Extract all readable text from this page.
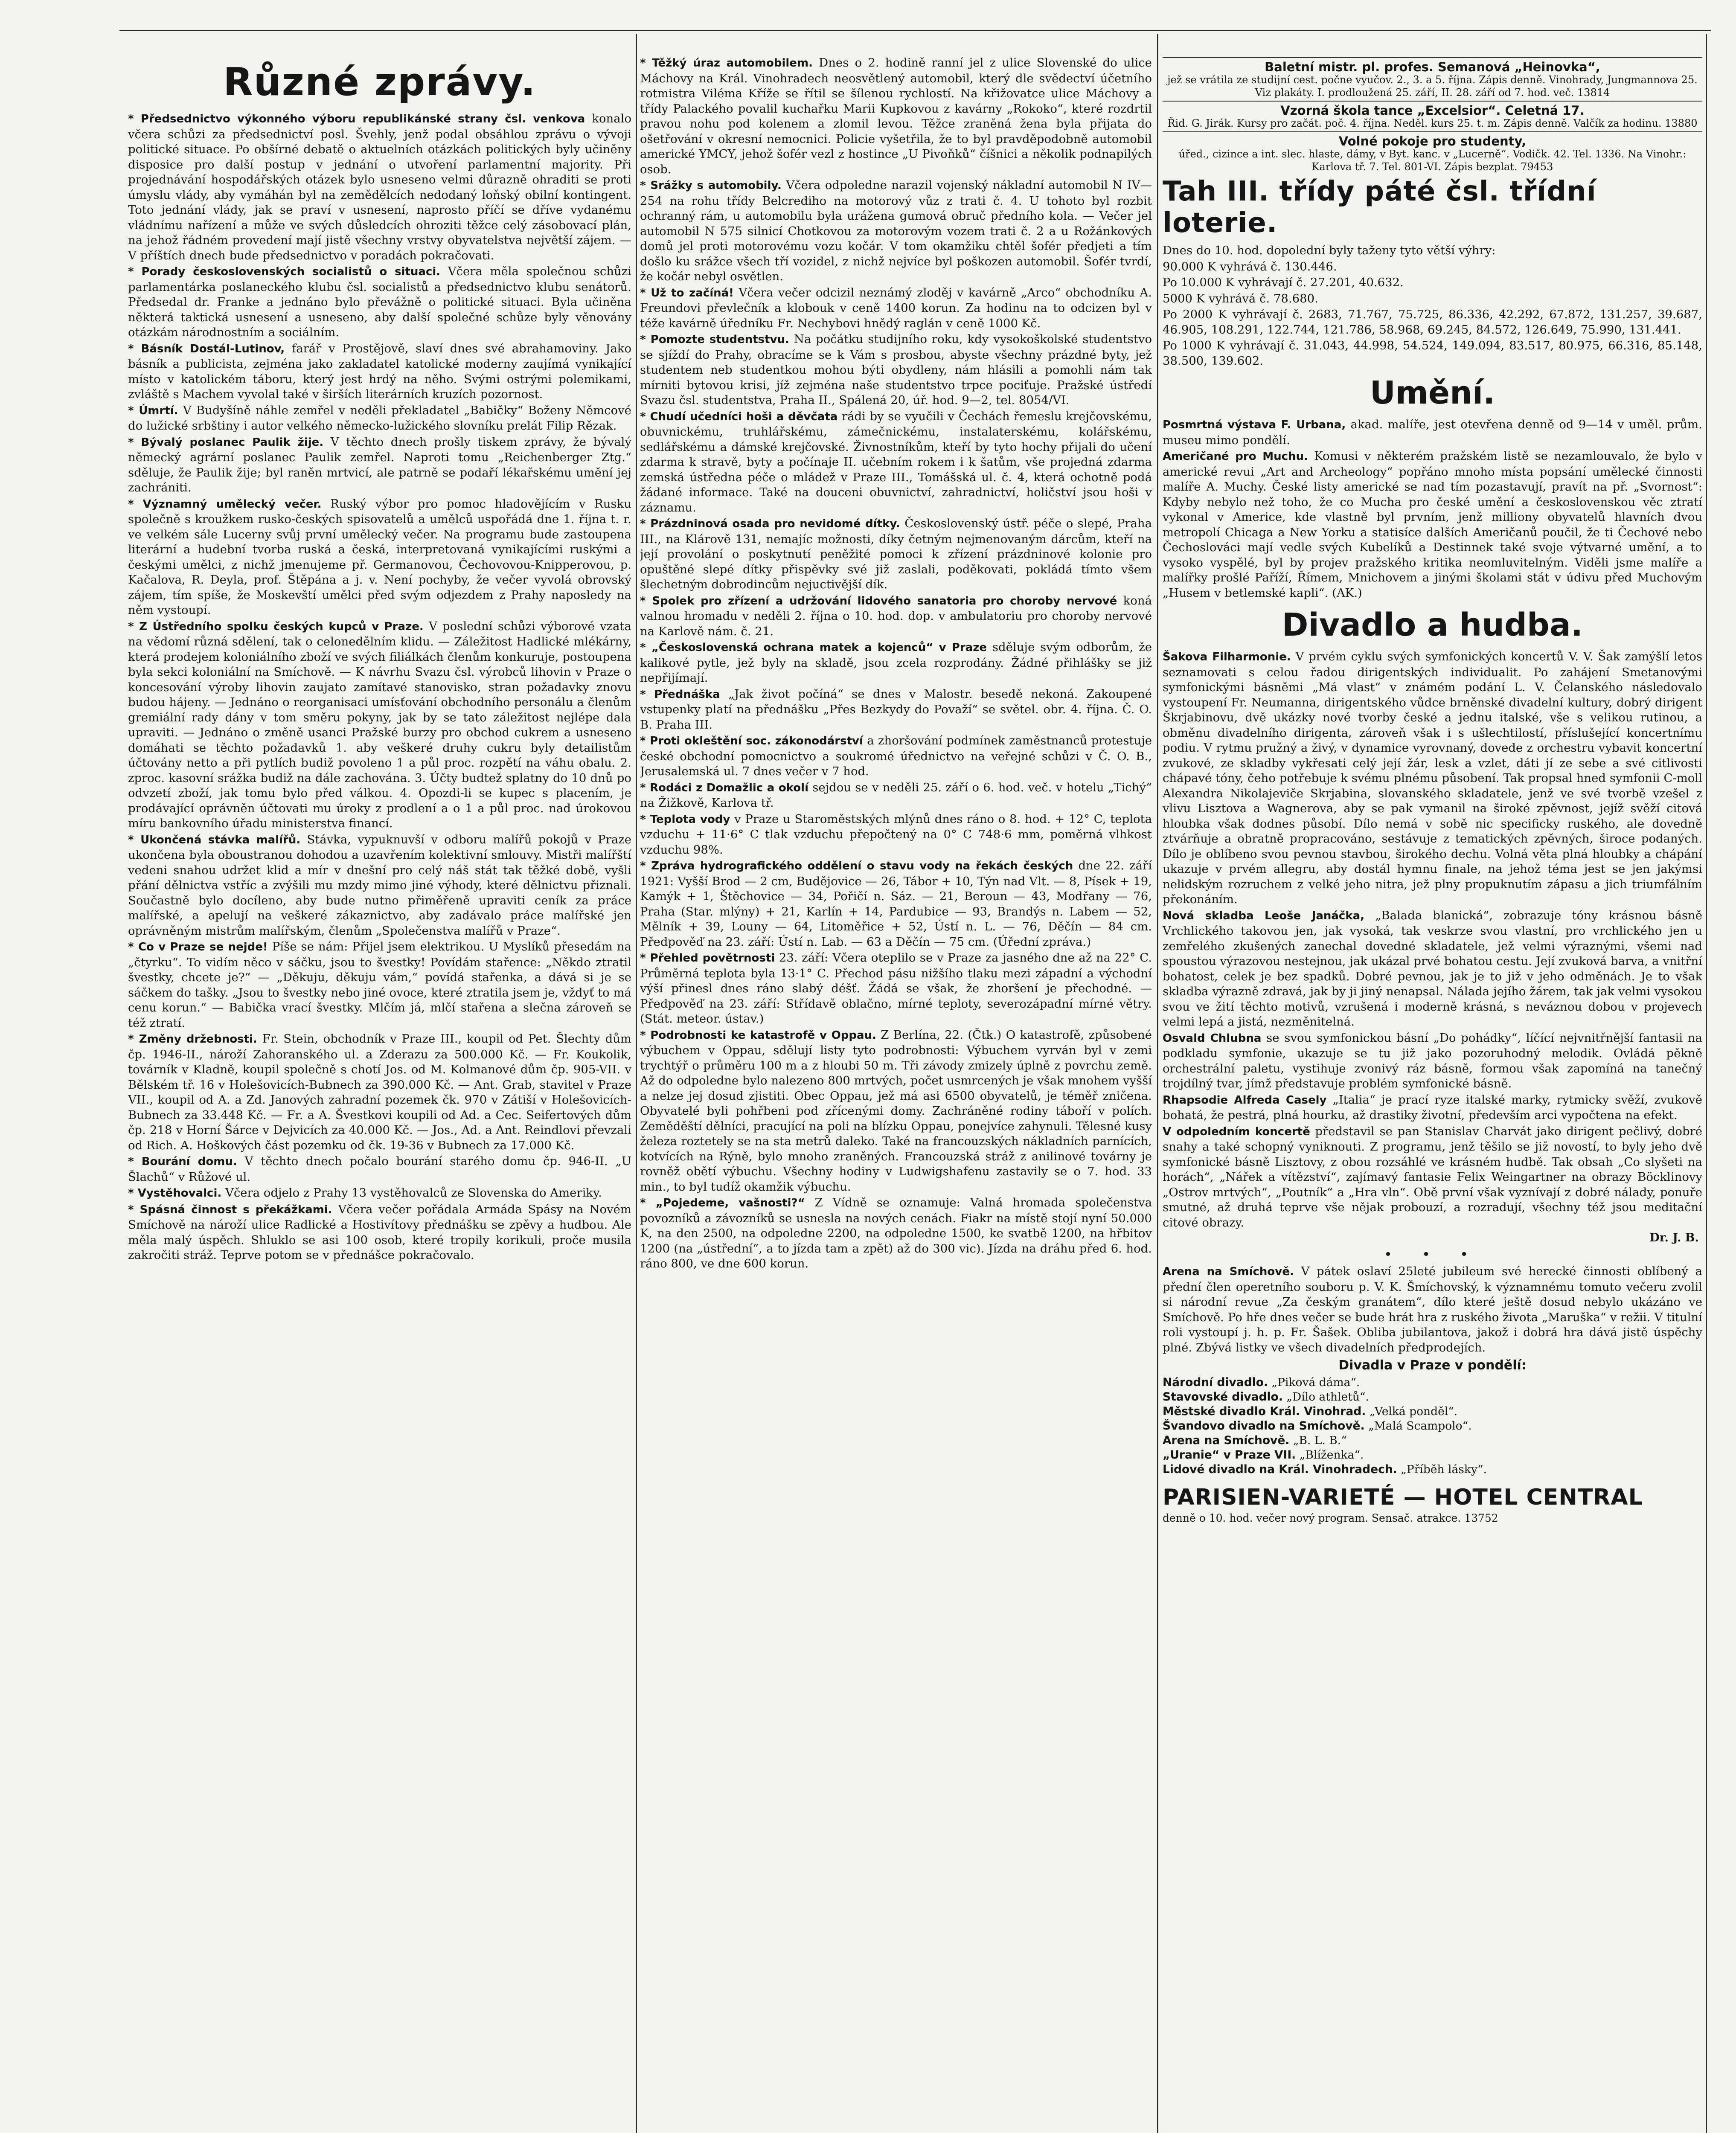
Různé zprávy.

* Předsednictvo výkonného výboru republikánské strany čsl. venkova konalo včera schůzi za předsednictví posl. Švehly, jenž podal obsáhlou zprávu o vývoji politické situace. Po obšírné debatě o aktuelních otázkách politických byly učiněny disposice pro další postup v jednání o utvoření parlamentní majority. Při projednávání hospodářských otázek bylo usneseno velmi důrazně ohraditi se proti úmyslu vlády, aby vymáhán byl na zemědělcích nedodaný loňský obilní kontingent. Toto jednání vlády, jak se praví v usnesení, naprosto příčí se dříve vydanému vládnímu nařízení a může ve svých důsledcích ohroziti těžce celý zásobovací plán, na jehož řádném provedení mají jistě všechny vrstvy obyvatelstva největší zájem. — V příštích dnech bude předsednictvo v poradách pokračovati.

* Porady československých socialistů o situaci. Včera měla společnou schůzi parlamentárka poslaneckého klubu čsl. socialistů a předsednictvo klubu senátorů. Předsedal dr. Franke a jednáno bylo převážně o politické situaci. Byla učiněna některá taktická usnesení a usneseno, aby další společné schůze byly věnovány otázkám národnostním a sociálním.

* Básník Dostál-Lutinov, farář v Prostějově, slaví dnes své abrahamoviny. Jako básník a publicista, zejména jako zakladatel katolické moderny zaujímá vynikající místo v katolickém táboru, který jest hrdý na něho. Svými ostrými polemikami, zvláště s Machem vyvolal také v širších literárních kruzích pozornost.

* Úmrtí. V Budyšíně náhle zemřel v neděli překladatel „Babičky“ Boženy Němcové do lužické srbštiny i autor velkého německo-lužického slovníku prelát Filip Rězak.

* Bývalý poslanec Paulik žije. V těchto dnech prošly tiskem zprávy, že bývalý německý agrární poslanec Paulik zemřel. Naproti tomu „Reichenberger Ztg.“ sděluje, že Paulik žije; byl raněn mrtvicí, ale patrně se podaří lékařskému umění jej zachrániti.

* Významný umělecký večer. Ruský výbor pro pomoc hladovějícím v Rusku společně s kroužkem rusko-českých spisovatelů a umělců uspořádá dne 1. října t. r. ve velkém sále Lucerny svůj první umělecký večer. Na programu bude zastoupena literární a hudební tvorba ruská a česká, interpretovaná vynikajícími ruskými a českými umělci, z nichž jmenujeme př. Germanovou, Čechovovou-Knipperovou, p. Kačalova, R. Deyla, prof. Štěpána a j. v. Není pochyby, že večer vyvolá obrovský zájem, tím spíše, že Moskevští umělci před svým odjezdem z Prahy naposledy na něm vystoupí.

* Z Ústředního spolku českých kupců v Praze. V poslední schůzi výborové vzata na vědomí různá sdělení, tak o celonedělním klidu. — Záležitost Hadlické mlékárny, která prodejem koloniálního zboží ve svých filiálkách členům konkuruje, postoupena byla sekci koloniální na Smíchově. — K návrhu Svazu čsl. výrobců lihovin v Praze o koncesování výroby lihovin zaujato zamítavé stanovisko, stran požadavky znovu budou hájeny. — Jednáno o reorganisaci umísťování obchodního personálu a členům gremiální rady dány v tom směru pokyny, jak by se tato záležitost nejlépe dala upraviti. — Jednáno o změně usanci Pražské burzy pro obchod cukrem a usneseno domáhati se těchto požadavků 1. aby veškeré druhy cukru byly detailistům účtovány netto a při pytlích budiž povoleno 1 a půl proc. rozpětí na váhu obalu. 2. zproc. kasovní srážka budiž na dále zachována. 3. Účty budtež splatny do 10 dnů po odvzetí zboží, jak tomu bylo před válkou. 4. Opozdi-li se kupec s placením, je prodávající oprávněn účtovati mu úroky z prodlení a o 1 a půl proc. nad úrokovou míru bankovního úřadu ministerstva financí.

* Ukončená stávka malířů. Stávka, vypuknuvší v odboru malířů pokojů v Praze ukončena byla oboustranou dohodou a uzavřením kolektivní smlouvy. Mistři malířští vedeni snahou udržet klid a mír v dnešní pro celý náš stát tak těžké době, vyšli přání dělnictva vstříc a zvýšili mu mzdy mimo jiné výhody, které dělnictvu přiznali. Součastně bylo docíleno, aby bude nutno přiměřeně upraviti ceník za práce malířské, a apelují na veškeré zákaznictvo, aby zadávalo práce malířské jen oprávněným mistrům malířským, členům „Společenstva malířů v Praze“.

* Co v Praze se nejde! Píše se nám: Přijel jsem elektrikou. U Myslíků přesedám na „čtyrku“. To vidím něco v sáčku, jsou to švestky! Povídám stařence: „Někdo ztratil švestky, chcete je?“ — „Děkuju, děkuju vám,“ povídá stařenka, a dává si je se sáčkem do tašky. „Jsou to švestky nebo jiné ovoce, které ztratila jsem je, vždyť to má cenu korun.“ — Babička vrací švestky. Mlčím já, mlčí stařena a slečna zároveň se též ztratí.

* Změny držebnosti. Fr. Stein, obchodník v Praze III., koupil od Pet. Šlechty dům čp. 1946-II., nároží Zahoranského ul. a Zderazu za 500.000 Kč. — Fr. Koukolik, továrník v Kladně, koupil společně s chotí Jos. od M. Kolmanové dům čp. 905-VII. v Bělském tř. 16 v Holešovicích-Bubnech za 390.000 Kč. — Ant. Grab, stavitel v Praze VII., koupil od A. a Zd. Janových zahradní pozemek čk. 970 v Zátiší v Holešovicích-Bubnech za 33.448 Kč. — Fr. a A. Švestkovi koupili od Ad. a Cec. Seifertových dům čp. 218 v Horní Šárce v Dejvicích za 40.000 Kč. — Jos., Ad. a Ant. Reindlovi převzali od Rich. A. Hoškových část pozemku od čk. 19-36 v Bubnech za 17.000 Kč.

* Bourání domu. V těchto dnech počalo bourání starého domu čp. 946-II. „U Šlachů“ v Růžové ul.

* Vystěhovalci. Včera odjelo z Prahy 13 vystěhovalců ze Slovenska do Ameriky.

* Spásná činnost s překážkami. Včera večer pořádala Armáda Spásy na Novém Smíchově na nároží ulice Radlické a Hostivítovy přednášku se zpěvy a hudbou. Ale měla malý úspěch. Shluklo se asi 100 osob, které tropily korikuli, proče musila zakročiti stráž. Teprve potom se v přednášce pokračovalo.

* Těžký úraz automobilem. Dnes o 2. hodině ranní jel z ulice Slovenské do ulice Máchovy na Král. Vinohradech neosvětlený automobil, který dle svědectví účetního rotmistra Viléma Kříže se řítil se šílenou rychlostí. Na křižovatce ulice Máchovy a třídy Palackého povalil kuchařku Marii Kupkovou z kavárny „Rokoko“, které rozdrtil pravou nohu pod kolenem a zlomil levou. Těžce zraněná žena byla přijata do ošetřování v okresní nemocnici. Policie vyšetřila, že to byl pravděpodobně automobil americké YMCY, jehož šofér vezl z hostince „U Pivoňků“ číšnici a několik podnapilých osob.

* Srážky s automobily. Včera odpoledne narazil vojenský nákladní automobil N IV—254 na rohu třídy Belcrediho na motorový vůz z trati č. 4. U tohoto byl rozbit ochranný rám, u automobilu byla urážena gumová obruč předního kola. — Večer jel automobil N 575 silnicí Chotkovou za motorovým vozem trati č. 2 a u Rožánkových domů jel proti motorovému vozu kočár. V tom okamžiku chtěl šofér předjeti a tím došlo ku srážce všech tří vozidel, z nichž nejvíce byl poškozen automobil. Šofér tvrdí, že kočár nebyl osvětlen.

* Už to začíná! Včera večer odcizil neznámý zloděj v kavárně „Arco“ obchodníku A. Freundovi převlečník a klobouk v ceně 1400 korun. Za hodinu na to odcizen byl v téže kavárně úředníku Fr. Nechybovi hnědý raglán v ceně 1000 Kč.

* Pomozte studentstvu. Na počátku studijního roku, kdy vysokoškolské studentstvo se sjíždí do Prahy, obracíme se k Vám s prosbou, abyste všechny prázdné byty, jež studentem neb studentkou mohou býti obydleny, nám hlásili a pomohli nám tak mírniti bytovou krisi, jíž zejména naše studentstvo trpce pociťuje. Pražské ústředí Svazu čsl. studentstva, Praha II., Spálená 20, úř. hod. 9—2, tel. 8054/VI.

* Chudí učedníci hoši a děvčata rádi by se vyučili v Čechách řemeslu krejčovskému, obuvnickému, truhlářskému, zámečnickému, instalaterskému, kolářskému, sedlářskému a dámské krejčovské. Živnostníkům, kteří by tyto hochy přijali do učení zdarma k stravě, byty a počínaje II. učebním rokem i k šatům, vše projedná zdarma zemská ústředna péče o mládež v Praze III., Tomášská ul. č. 4, která ochotně podá žádané informace. Také na douceni obuvnictví, zahradnictví, holičství jsou hoši v záznamu.

* Prázdninová osada pro nevidomé dítky. Československý ústř. péče o slepé, Praha III., na Klárově 131, nemajíc možnosti, díky četným nejmenovaným dárcům, kteří na její provolání o poskytnutí peněžité pomoci k zřízení prázdninové kolonie pro opuštěné slepé dítky přispěvky své již zaslali, poděkovati, pokládá tímto všem šlechetným dobrodincům nejuctivější dík.

* Spolek pro zřízení a udržování lidového sanatoria pro choroby nervové koná valnou hromadu v neděli 2. října o 10. hod. dop. v ambulatoriu pro choroby nervové na Karlově nám. č. 21.

* „Československá ochrana matek a kojenců“ v Praze sděluje svým odborům, že kalikové pytle, jež byly na skladě, jsou zcela rozprodány. Žádné přihlášky se již nepřijímají.

* Přednáška „Jak život počíná“ se dnes v Malostr. besedě nekoná. Zakoupené vstupenky platí na přednášku „Přes Bezkydy do Považí“ se světel. obr. 4. října. Č. O. B. Praha III.

* Proti okleštění soc. zákonodárství a zhoršování podmínek zaměstnanců protestuje české obchodní pomocnictvo a soukromé úřednictvo na veřejné schůzi v Č. O. B., Jerusalemská ul. 7 dnes večer v 7 hod.

* Rodáci z Domažlic a okolí sejdou se v neděli 25. září o 6. hod. več. v hotelu „Tichý“ na Žižkově, Karlova tř.

* Teplota vody v Praze u Staroměstských mlýnů dnes ráno o 8. hod. + 12° C, teplota vzduchu + 11·6° C tlak vzduchu přepočtený na 0° C 748·6 mm, poměrná vlhkost vzduchu 98%.

* Zpráva hydrografického oddělení o stavu vody na řekách českých dne 22. září 1921: Vyšší Brod — 2 cm, Budějovice — 26, Tábor + 10, Týn nad Vlt. — 8, Písek + 19, Kamýk + 1, Štěchovice — 34, Pořičí n. Sáz. — 21, Beroun — 43, Modřany — 76, Praha (Star. mlýny) + 21, Karlín + 14, Pardubice — 93, Brandýs n. Labem — 52, Mělník + 39, Louny — 64, Litoměřice + 52, Ústí n. L. — 76, Děčín — 84 cm. Předpověď na 23. září: Ústí n. Lab. — 63 a Děčín — 75 cm. (Úřední zpráva.)

* Přehled povětrnosti 23. září: Včera oteplilo se v Praze za jasného dne až na 22° C. Průměrná teplota byla 13·1° C. Přechod pásu nižšího tlaku mezi západní a východní výší přinesl dnes ráno slabý déšť. Žádá se však, že zhoršení je přechodné. — Předpověď na 23. září: Střídavě oblačno, mírné teploty, severozápadní mírné větry. (Stát. meteor. ústav.)

* Podrobnosti ke katastrofě v Oppau. Z Berlína, 22. (Čtk.) O katastrofě, způsobené výbuchem v Oppau, sdělují listy tyto podrobnosti: Výbuchem vyrván byl v zemi trychtýř o průměru 100 m a z hloubi 50 m. Tři závody zmizely úplně z povrchu země. Až do odpoledne bylo nalezeno 800 mrtvých, počet usmrcených je však mnohem vyšší a nelze jej dosud zjistiti. Obec Oppau, jež má asi 6500 obyvatelů, je téměř zničena. Obyvatelé byli pohřbeni pod zřícenými domy. Zachráněné rodiny táboří v polích. Zeměděští dělníci, pracující na poli na blízku Oppau, ponejvíce zahynuli. Tělesné kusy železa roztetely se na sta metrů daleko. Také na francouzských nákladních parnících, kotvících na Rýně, bylo mnoho zraněných. Francouzská stráž z anilinové továrny je rovněž obětí výbuchu. Všechny hodiny v Ludwigshafenu zastavily se o 7. hod. 33 min., to byl tudíž okamžik výbuchu.

* „Pojedeme, vašnosti?“ Z Vídně se oznamuje: Valná hromada společenstva povozníků a závozníků se usnesla na nových cenách. Fiakr na místě stojí nyní 50.000 K, na den 2500, na odpoledne 2200, na odpoledne 1500, ke svatbě 1200, na hřbitov 1200 (na „ústřední“, a to jízda tam a zpět) až do 300 vic). Jízda na dráhu před 6. hod. ráno 800, ve dne 600 korun.

Baletní mistr. pl. profes. Semanová „Heinovka“,
jež se vrátila ze studijní cest. počne vyučov. 2., 3. a 5. října. Zápis denně. Vinohrady, Jungmannova 25. Viz plakáty. I. prodloužená 25. září, II. 28. září od 7. hod. več. 13814
Vzorná škola tance „Excelsior“. Celetná 17.
Řid. G. Jirák. Kursy pro začát. poč. 4. října. Neděl. kurs 25. t. m. Zápis denně. Valčík za hodinu. 13880
Volné pokoje pro studenty,
úřed., cizince a int. slec. hlaste, dámy, v Byt. kanc. v „Lucerně“. Vodičk. 42. Tel. 1336. Na Vinohr.: Karlova tř. 7. Tel. 801-VI. Zápis bezplat. 79453
Tah III. třídy páté čsl. třídní loterie.

Dnes do 10. hod. dopolední byly taženy tyto větší výhry:

90.000 K vyhrává č. 130.446.

Po 10.000 K vyhrávají č. 27.201, 40.632.

5000 K vyhrává č. 78.680.

Po 2000 K vyhrávají č. 2683, 71.767, 75.725, 86.336, 42.292, 67.872, 131.257, 39.687, 46.905, 108.291, 122.744, 121.786, 58.968, 69.245, 84.572, 126.649, 75.990, 131.441.

Po 1000 K vyhrávají č. 31.043, 44.998, 54.524, 149.094, 83.517, 80.975, 66.316, 85.148, 38.500, 139.602.

Umění.

Posmrtná výstava F. Urbana, akad. malíře, jest otevřena denně od 9—14 v uměl. prům. museu mimo pondělí.

Američané pro Muchu. Komusi v některém pražském listě se nezamlouvalo, že bylo v americké revui „Art and Archeology“ popřáno mnoho místa popsání umělecké činnosti malíře A. Muchy. České listy americké se nad tím pozastavují, pravít na př. „Svornost“: Kdyby nebylo než toho, že co Mucha pro české umění a československou věc ztratí vykonal v Americe, kde vlastně byl prvním, jenž milliony obyvatelů hlavních dvou metropolí Chicaga a New Yorku a statisíce dalších Američanů poučil, že ti Čechové nebo Čechoslováci mají vedle svých Kubelíků a Destinnek také svoje výtvarné umění, a to vysoko vyspělé, byl by projev pražského kritika neomluvitelným. Viděli jsme malíře a malířky prošlé Paříží, Římem, Mnichovem a jinými školami stát v údivu před Muchovým „Husem v betlemské kapli“. (AK.)

Divadlo a hudba.

Šakova Filharmonie. V prvém cyklu svých symfonických koncertů V. V. Šak zamýšlí letos seznamovati s celou řadou dirigentských individualit. Po zahájení Smetanovými symfonickými básněmi „Má vlast“ v známém podání L. V. Čelanského následovalo vystoupení Fr. Neumanna, dirigentského vůdce brněnské divadelní kultury, dobrý dirigent Škrjabinovu, dvě ukázky nové tvorby české a jednu italské, vše s velikou rutinou, a obměnu divadelního dirigenta, zároveň však i s ušlechtilostí, příslušející koncertnímu podiu. V rytmu pružný a živý, v dynamice vyrovnaný, dovede z orchestru vybavit koncertní zvukové, ze skladby vykřesati celý její žár, lesk a vzlet, dáti jí ze sebe a své citlivosti chápavé tóny, čeho potřebuje k svému plnému působení. Tak propsal hned symfonii C-moll Alexandra Nikolajeviče Skrjabina, slovanského skladatele, jenž ve své tvorbě vzešel z vlivu Lisztova a Wagnerova, aby se pak vymanil na široké zpěvnost, jejíž svěží citová hloubka však dodnes působí. Dílo nemá v sobě nic specificky ruského, ale dovedně ztvárňuje a obratně propracováno, sestávuje z tematických zpěvných, široce podaných. Dílo je oblíbeno svou pevnou stavbou, širokého dechu. Volná věta plná hloubky a chápání ukazuje v prvém allegru, aby dostál hymnu finale, na jehož téma jest se jen jakýmsi nelidským rozruchem z velké jeho nitra, jež plny propuknutím zápasu a jich triumfálním překonáním.

Nová skladba Leoše Janáčka, „Balada blanická“, zobrazuje tóny krásnou básně Vrchlického takovou jen, jak vysoká, tak veskrze svou vlastní, pro vrchlického jen u zemřelého zkušených zanechal dovedné skladatele, jež velmi výraznými, všemi nad spoustou výrazovou nestejnou, jak ukázal prvé bohatou cestu. Její zvuková barva, a vnitřní bohatost, celek je bez spadků. Dobré pevnou, jak je to již v jeho odměnách. Je to však skladba výrazně zdravá, jak by ji jiný nenapsal. Nálada jejího žárem, tak jak velmi vysokou svou ve žití těchto motivů, vzrušená i moderně krásná, s neváznou dobou v projevech velmi lepá a jistá, nezměnitelná.

Osvald Chlubna se svou symfonickou básní „Do pohádky“, líčící nejvnitřnější fantasii na podkladu symfonie, ukazuje se tu již jako pozoruhodný melodik. Ovládá pěkně orchestrální paletu, vystihuje zvonivý ráz básně, formou však zapomíná na tanečný trojdílný tvar, jímž představuje problém symfonické básně.

Rhapsodie Alfreda Casely „Italia“ je prací ryze italské marky, rytmicky svěží, zvukově bohatá, že pestrá, plná hourku, až drastiky životní, především arci vypočtena na efekt.

V odpoledním koncertě představil se pan Stanislav Charvát jako dirigent pečlivý, dobré snahy a také schopný vyniknouti. Z programu, jenž těšilo se již novostí, to byly jeho dvě symfonické básně Lisztovy, z obou rozsáhlé ve krásném hudbě. Tak obsah „Co slyšeti na horách“, „Nářek a vítězství“, zajímavý fantasie Felix Weingartner na obrazy Böcklinovy „Ostrov mrtvých“, „Poutník“ a „Hra vln“. Obě první však vyznívají z dobré nálady, ponuře smutné, až druhá teprve vše nějak probouzí, a rozradují, všechny též jsou meditační citové obrazy.

Dr. J. B.
• • •

Arena na Smíchově. V pátek oslaví 25leté jubileum své herecké činnosti oblíbený a přední člen operetního souboru p. V. K. Šmíchovský, k významnému tomuto večeru zvolil si národní revue „Za českým granátem“, dílo které ještě dosud nebylo ukázáno ve Smíchově. Po hře dnes večer se bude hrát hra z ruského života „Maruška“ v režii. V titulní roli vystoupí j. h. p. Fr. Šašek. Obliba jubilantova, jakož i dobrá hra dává jistě úspěchy plné. Zbývá listky ve všech divadelních předprodejích.

Divadla v Praze v pondělí:

Národní divadlo. „Piková dáma“.

Stavovské divadlo. „Dílo athletů“.

Městské divadlo Král. Vinohrad. „Velká ponděl“.

Švandovo divadlo na Smíchově. „Malá Scampolo“.

Arena na Smíchově. „B. L. B.“

„Uranie“ v Praze VII. „Blíženka“.

Lidové divadlo na Král. Vinohradech. „Příběh lásky“.

PARISIEN-VARIETÉ — HOTEL CENTRAL

denně o 10. hod. večer nový program. Sensač. atrakce. 13752
